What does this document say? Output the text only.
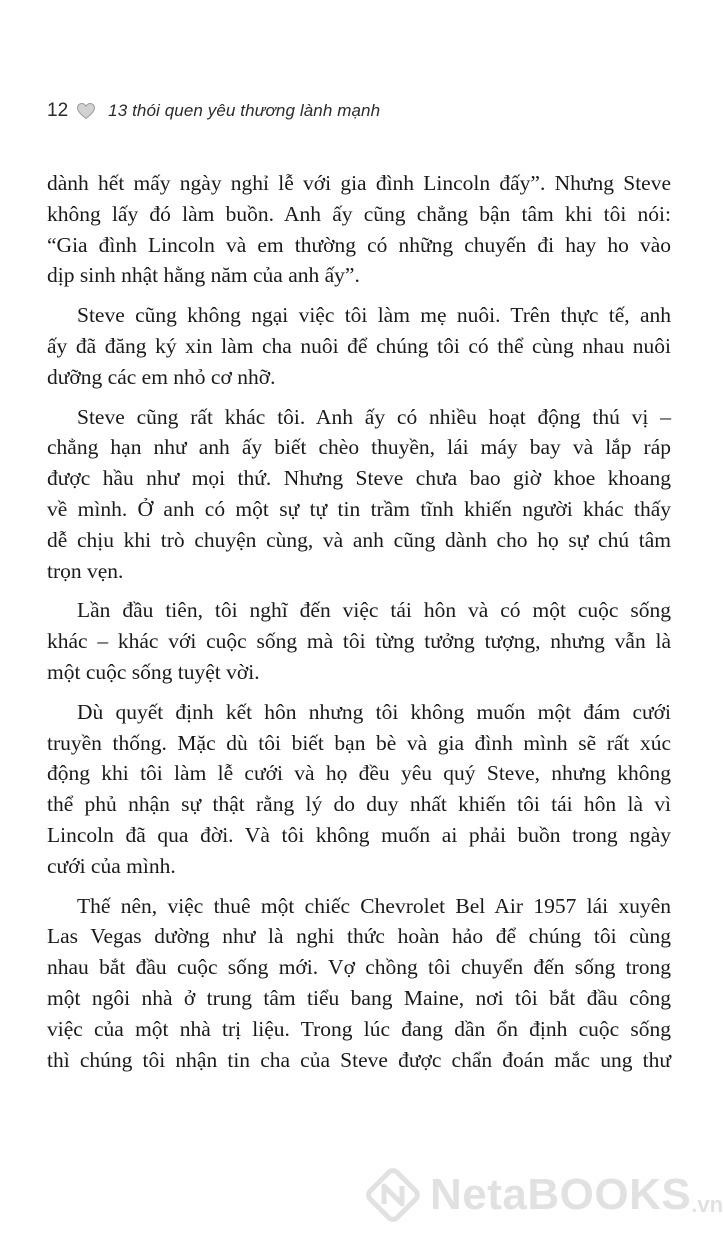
12 13 thói quen yêu thương lành mạnh

dành hết mấy ngày nghỉ lễ với gia đình Lincoln đấy”. Nhưng Steve
không lấy đó làm buồn. Anh ấy cũng chẳng bận tâm khi tôi nói:
“Gia đình Lincoln và em thường có những chuyến đi hay ho vào
dịp sinh nhật hằng năm của anh ấy”.

Steve cũng không ngại việc tôi làm mẹ nuôi. Trên thực tế, anh
ấy đã đăng ký xin làm cha nuôi để chúng tôi có thể cùng nhau nuôi
dưỡng các em nhỏ cơ nhỡ.

Steve cũng rất khác tôi. Anh ấy có nhiều hoạt động thú vị –
chẳng hạn như anh ấy biết chèo thuyền, lái máy bay và lắp ráp
được hầu như mọi thứ. Nhưng Steve chưa bao giờ khoe khoang
về mình. Ở anh có một sự tự tin trầm tĩnh khiến người khác thấy
dễ chịu khi trò chuyện cùng, và anh cũng dành cho họ sự chú tâm
trọn vẹn.

Lần đầu tiên, tôi nghĩ đến việc tái hôn và có một cuộc sống
khác – khác với cuộc sống mà tôi từng tưởng tượng, nhưng vẫn là
một cuộc sống tuyệt vời.

Dù quyết định kết hôn nhưng tôi không muốn một đám cưới
truyền thống. Mặc dù tôi biết bạn bè và gia đình mình sẽ rất xúc
động khi tôi làm lễ cưới và họ đều yêu quý Steve, nhưng không
thể phủ nhận sự thật rằng lý do duy nhất khiến tôi tái hôn là vì
Lincoln đã qua đời. Và tôi không muốn ai phải buồn trong ngày
cưới của mình.

Thế nên, việc thuê một chiếc Chevrolet Bel Air 1957 lái xuyên
Las Vegas dường như là nghi thức hoàn hảo để chúng tôi cùng
nhau bắt đầu cuộc sống mới. Vợ chồng tôi chuyển đến sống trong
một ngôi nhà ở trung tâm tiểu bang Maine, nơi tôi bắt đầu công
việc của một nhà trị liệu. Trong lúc đang dần ổn định cuộc sống
thì chúng tôi nhận tin cha của Steve được chẩn đoán mắc ung thư

NetaBOOKS .vn
